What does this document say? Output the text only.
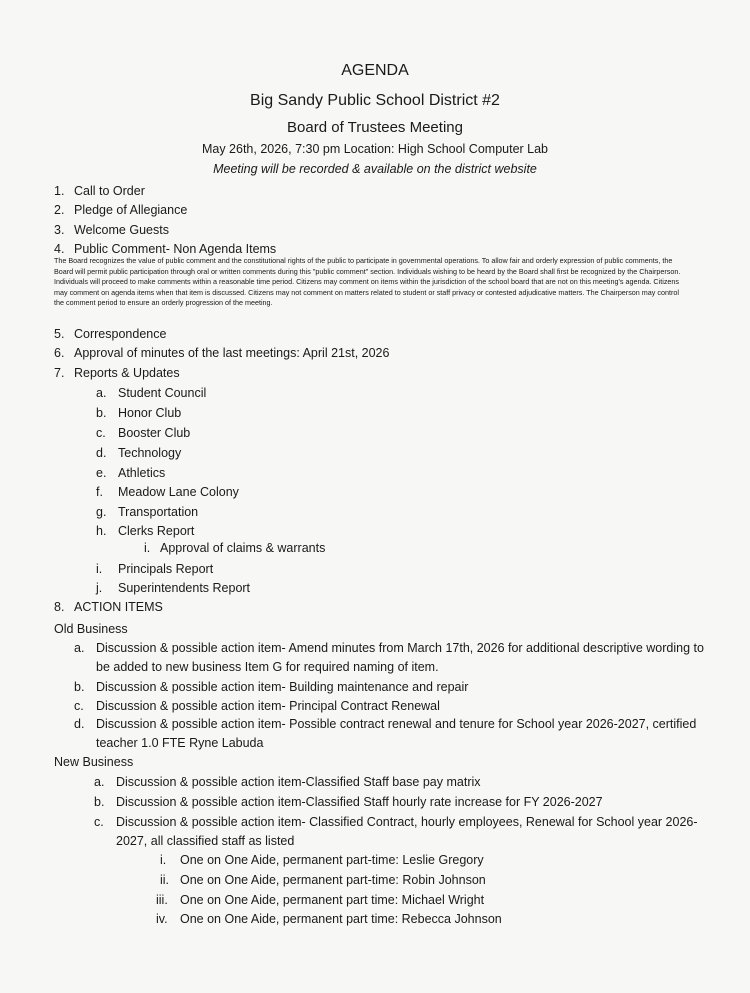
AGENDA
Big Sandy Public School District #2
Board of Trustees Meeting
May 26th, 2026, 7:30 pm Location: High School Computer Lab
Meeting will be recorded & available on the district website
1. Call to Order
2. Pledge of Allegiance
3. Welcome Guests
4. Public Comment- Non Agenda Items
The Board recognizes the value of public comment and the constitutional rights of the public to participate in governmental operations. To allow fair and orderly expression of public comments, the
Board will permit public participation through oral or written comments during this "public comment" section. Individuals wishing to be heard by the Board shall first be recognized by the Chairperson.
Individuals will proceed to make comments within a reasonable time period. Citizens may comment on items within the jurisdiction of the school board that are not on this meeting's agenda. Citizens
may comment on agenda items when that item is discussed. Citizens may not comment on matters related to student or staff privacy or contested adjudicative matters. The Chairperson may control
the comment period to ensure an orderly progression of the meeting.
5. Correspondence
6. Approval of minutes of the last meetings: April 21st, 2026
7. Reports & Updates
a. Student Council
b. Honor Club
c. Booster Club
d. Technology
e. Athletics
f. Meadow Lane Colony
g. Transportation
h. Clerks Report
i. Approval of claims & warrants
i. Principals Report
j. Superintendents Report
8. ACTION ITEMS
Old Business
a. Discussion & possible action item- Amend minutes from March 17th, 2026 for additional descriptive wording to
be added to new business Item G for required naming of item.
b. Discussion & possible action item- Building maintenance and repair
c. Discussion & possible action item- Principal Contract Renewal
d. Discussion & possible action item- Possible contract renewal and tenure for School year 2026-2027, certified
teacher 1.0 FTE Ryne Labuda
New Business
a. Discussion & possible action item-Classified Staff base pay matrix
b. Discussion & possible action item-Classified Staff hourly rate increase for FY 2026-2027
c. Discussion & possible action item- Classified Contract, hourly employees, Renewal for School year 2026-
2027, all classified staff as listed
i. One on One Aide, permanent part-time: Leslie Gregory
ii. One on One Aide, permanent part-time: Robin Johnson
iii. One on One Aide, permanent part time: Michael Wright
iv. One on One Aide, permanent part time: Rebecca Johnson
